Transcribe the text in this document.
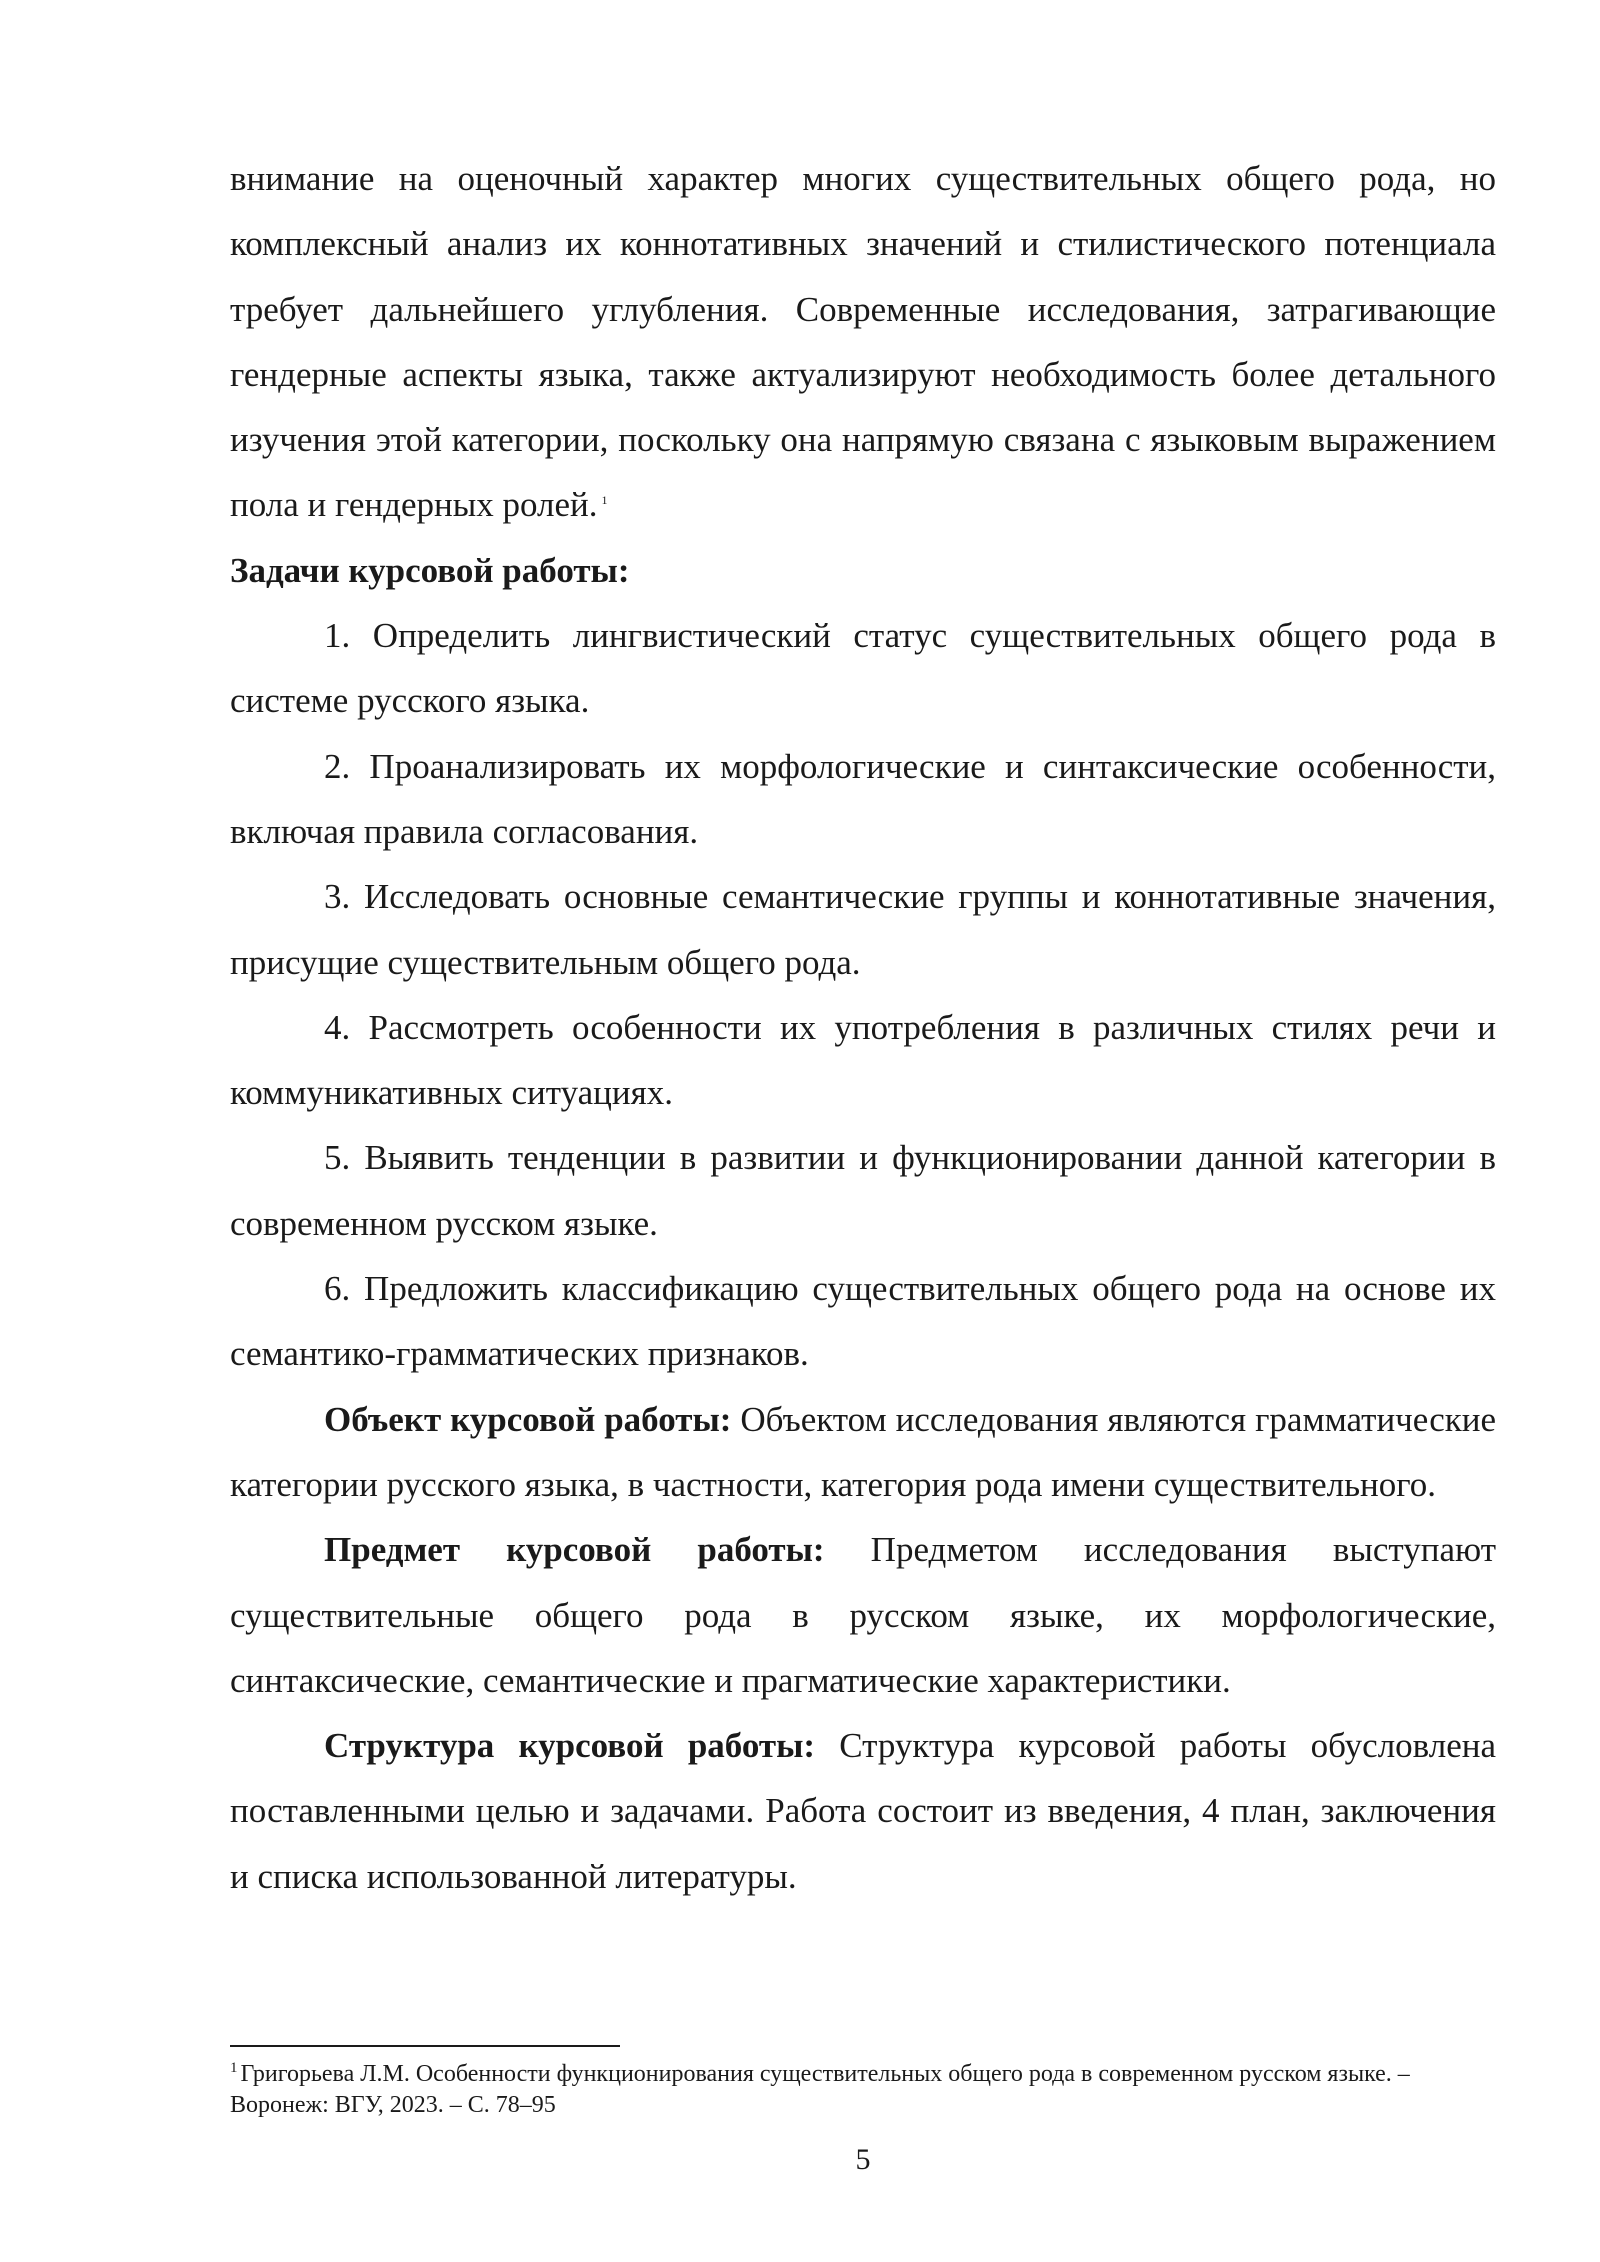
внимание на оценочный характер многих существительных общего рода, но комплексный анализ их коннотативных значений и стилистического потенциала требует дальнейшего углубления. Современные исследования, затрагивающие гендерные аспекты языка, также актуализируют необходимость более детального изучения этой категории, поскольку она напрямую связана с языковым выражением пола и гендерных ролей. $^1$

Задачи курсовой работы:

1. Определить лингвистический статус существительных общего рода в системе русского языка.

2. Проанализировать их морфологические и синтаксические особенности, включая правила согласования.

3. Исследовать основные семантические группы и коннотативные значения, присущие существительным общего рода.

4. Рассмотреть особенности их употребления в различных стилях речи и коммуникативных ситуациях.

5. Выявить тенденции в развитии и функционировании данной категории в современном русском языке.

6. Предложить классификацию существительных общего рода на основе их семантико-грамматических признаков.

Объект курсовой работы: Объектом исследования являются грамматические категории русского языка, в частности, категория рода имени существительного.

Предмет курсовой работы: Предметом исследования выступают существительные общего рода в русском языке, их морфологические, синтаксические, семантические и прагматические характеристики.

Структура курсовой работы: Структура курсовой работы обусловлена поставленными целью и задачами. Работа состоит из введения, 4 план, заключения и списка использованной литературы.

$^1$ Григорьева Л.М. Особенности функционирования существительных общего рода в современном русском языке. – Воронеж: ВГУ, 2023. – С. 78–95

5
